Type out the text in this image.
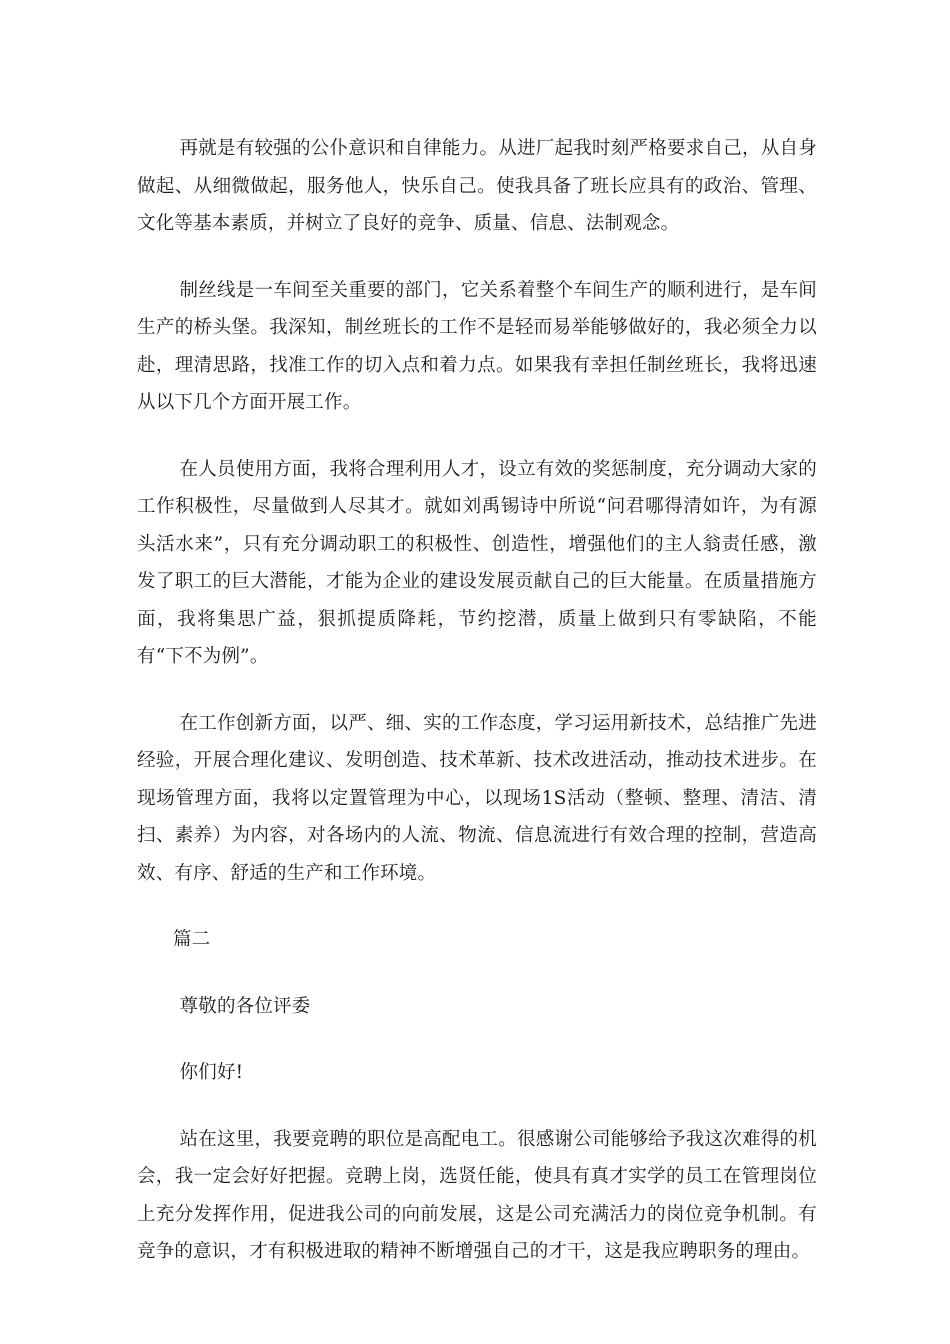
再就是有较强的公仆意识和自律能力。从进厂起我时刻严格要求自己，从自身做起、从细微做起，服务他人，快乐自己。使我具备了班长应具有的政治、管理、文化等基本素质，并树立了良好的竞争、质量、信息、法制观念。

制丝线是一车间至关重要的部门，它关系着整个车间生产的顺利进行，是车间生产的桥头堡。我深知，制丝班长的工作不是轻而易举能够做好的，我必须全力以赴，理清思路，找准工作的切入点和着力点。如果我有幸担任制丝班长，我将迅速从以下几个方面开展工作。

在人员使用方面，我将合理利用人才，设立有效的奖惩制度，充分调动大家的工作积极性，尽量做到人尽其才。就如刘禹锡诗中所说“问君哪得清如许，为有源头活水来”，只有充分调动职工的积极性、创造性，增强他们的主人翁责任感，激发了职工的巨大潜能，才能为企业的建设发展贡献自己的巨大能量。在质量措施方面，我将集思广益，狠抓提质降耗，节约挖潜，质量上做到只有零缺陷，不能有“下不为例”。

在工作创新方面，以严、细、实的工作态度，学习运用新技术，总结推广先进经验，开展合理化建议、发明创造、技术革新、技术改进活动，推动技术进步。在现场管理方面，我将以定置管理为中心，以现场1S活动（整顿、整理、清洁、清扫、素养）为内容，对各场内的人流、物流、信息流进行有效合理的控制，营造高效、有序、舒适的生产和工作环境。

篇二

尊敬的各位评委

你们好!

站在这里，我要竞聘的职位是高配电工。很感谢公司能够给予我这次难得的机会，我一定会好好把握。竞聘上岗，选贤任能，使具有真才实学的员工在管理岗位上充分发挥作用，促进我公司的向前发展，这是公司充满活力的岗位竞争机制。有竞争的意识，才有积极进取的精神不断增强自己的才干，这是我应聘职务的理由。
